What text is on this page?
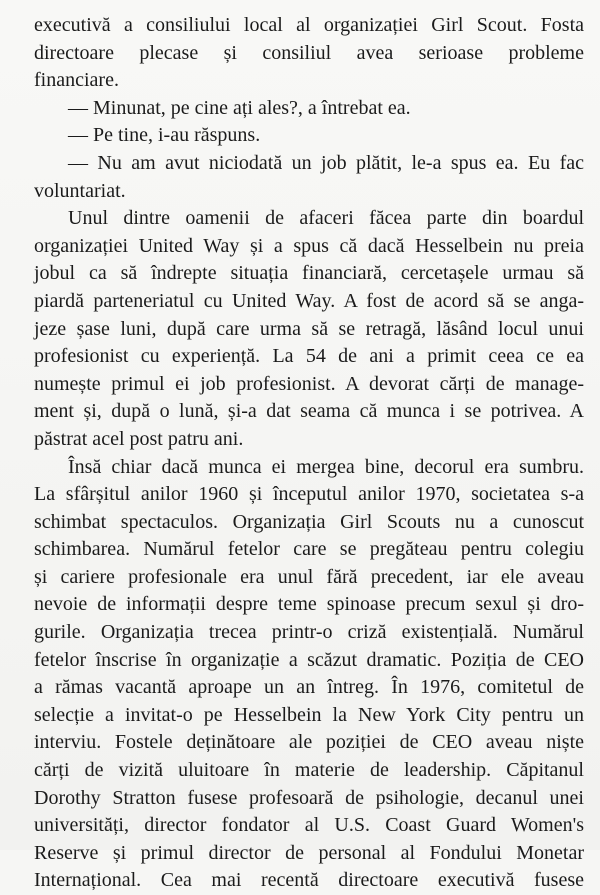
executivă a consiliului local al organizației Girl Scout. Fosta
directoare plecase și consiliul avea serioase probleme
financiare.
— Minunat, pe cine ați ales?, a întrebat ea.
— Pe tine, i-au răspuns.
— Nu am avut niciodată un job plătit, le-a spus ea. Eu fac
voluntariat.
Unul dintre oamenii de afaceri făcea parte din boardul
organizației United Way și a spus că dacă Hesselbein nu preia
jobul ca să îndrepte situația financiară, cercetașele urmau să
piardă parteneriatul cu United Way. A fost de acord să se anga-
jeze șase luni, după care urma să se retragă, lăsând locul unui
profesionist cu experiență. La 54 de ani a primit ceea ce ea
numește primul ei job profesionist. A devorat cărți de manage-
ment și, după o lună, și-a dat seama că munca i se potrivea. A
păstrat acel post patru ani.
Însă chiar dacă munca ei mergea bine, decorul era sumbru.
La sfârșitul anilor 1960 și începutul anilor 1970, societatea s-a
schimbat spectaculos. Organizația Girl Scouts nu a cunoscut
schimbarea. Numărul fetelor care se pregăteau pentru colegiu
și cariere profesionale era unul fără precedent, iar ele aveau
nevoie de informații despre teme spinoase precum sexul și dro-
gurile. Organizația trecea printr-o criză existențială. Numărul
fetelor înscrise în organizație a scăzut dramatic. Poziția de CEO
a rămas vacantă aproape un an întreg. În 1976, comitetul de
selecție a invitat-o pe Hesselbein la New York City pentru un
interviu. Fostele deținătoare ale poziției de CEO aveau niște
cărți de vizită uluitoare în materie de leadership. Căpitanul
Dorothy Stratton fusese profesoară de psihologie, decanul unei
universități, director fondator al U.S. Coast Guard Women's
Reserve și primul director de personal al Fondului Monetar
Internațional. Cea mai recentă directoare executivă fusese
